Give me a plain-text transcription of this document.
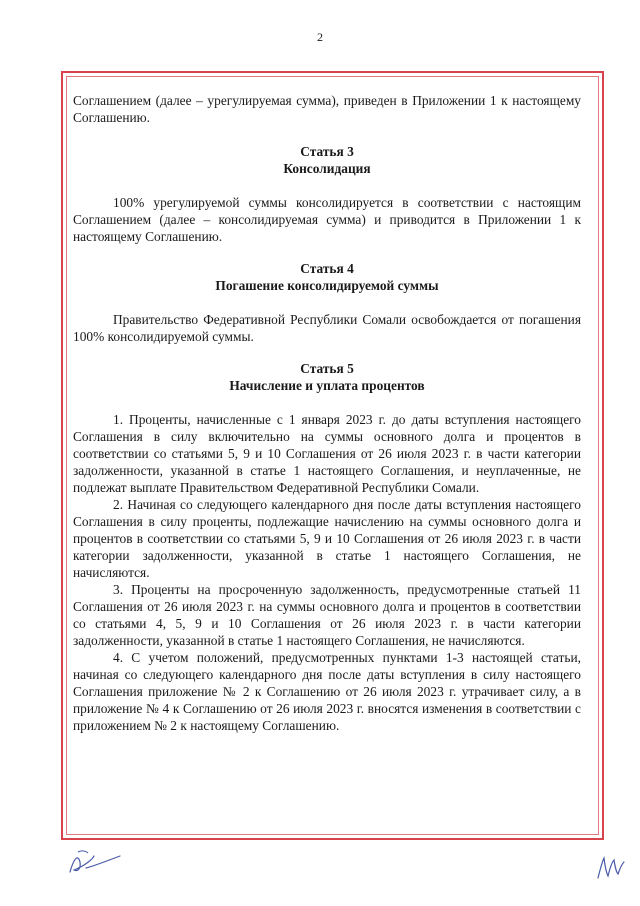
2

Соглашением (далее – урегулируемая сумма), приведен в Приложении 1 к настоящему Соглашению.

Статья 3

Консолидация

100% урегулируемой суммы консолидируется в соответствии с настоящим Соглашением (далее – консолидируемая сумма) и приводится в Приложении 1 к настоящему Соглашению.

Статья 4

Погашение консолидируемой суммы

Правительство Федеративной Республики Сомали освобождается от погашения 100% консолидируемой суммы.

Статья 5

Начисление и уплата процентов

1. Проценты, начисленные с 1 января 2023 г. до даты вступления настоящего Соглашения в силу включительно на суммы основного долга и процентов в соответствии со статьями 5, 9 и 10 Соглашения от 26 июля 2023 г. в части категории задолженности, указанной в статье 1 настоящего Соглашения, и неуплаченные, не подлежат выплате Правительством Федеративной Республики Сомали.

2. Начиная со следующего календарного дня после даты вступления настоящего Соглашения в силу проценты, подлежащие начислению на суммы основного долга и процентов в соответствии со статьями 5, 9 и 10 Соглашения от 26 июля 2023 г. в части категории задолженности, указанной в статье 1 настоящего Соглашения, не начисляются.

3. Проценты на просроченную задолженность, предусмотренные статьей 11 Соглашения от 26 июля 2023 г. на суммы основного долга и процентов в соответствии со статьями 4, 5, 9 и 10 Соглашения от 26 июля 2023 г. в части категории задолженности, указанной в статье 1 настоящего Соглашения, не начисляются.

4. С учетом положений, предусмотренных пунктами 1-3 настоящей статьи, начиная со следующего календарного дня после даты вступления в силу настоящего Соглашения приложение № 2 к Соглашению от 26 июля 2023 г. утрачивает силу, а в приложение № 4 к Соглашению от 26 июля 2023 г. вносятся изменения в соответствии с приложением № 2 к настоящему Соглашению.
